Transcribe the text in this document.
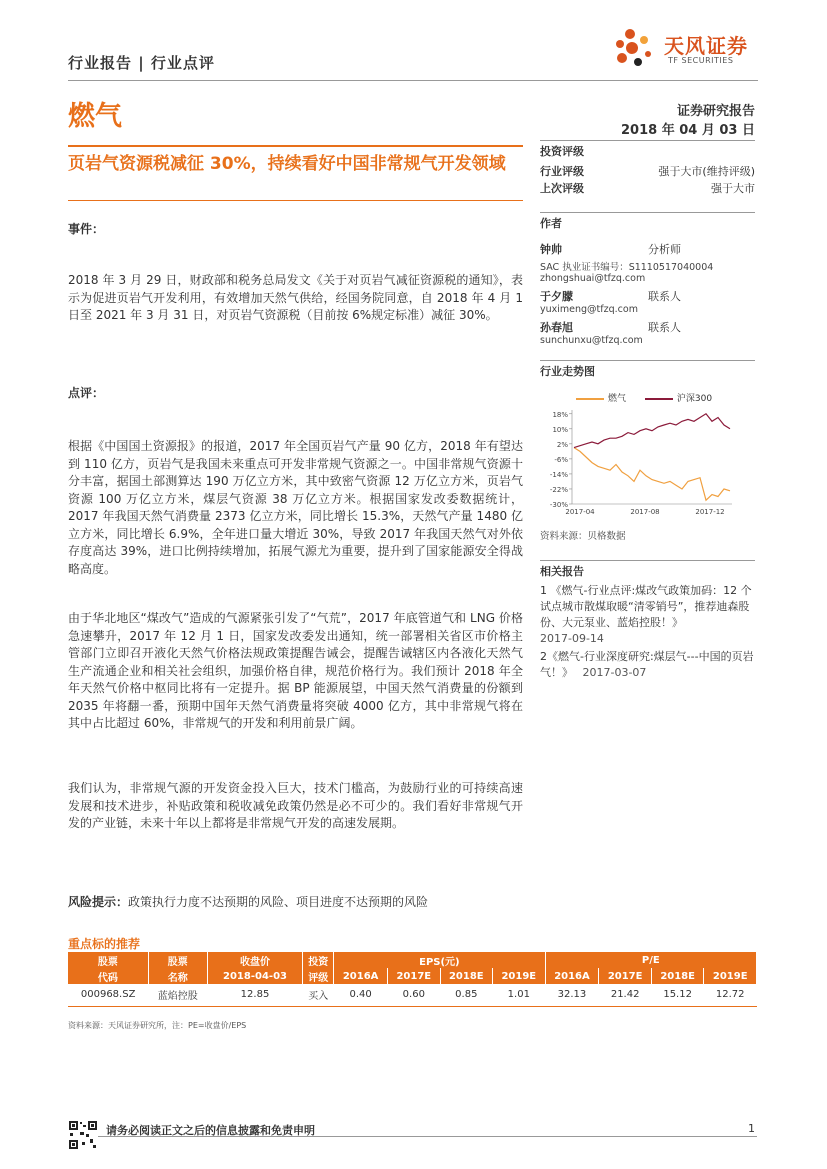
行业报告 | 行业点评
天风证券
TF SECURITIES
燃气	证券研究报告
2018 年 04 月 03 日
页岩气资源税减征 30%，持续看好中国非常规气开发领域
事件：
2018 年 3 月 29 日，财政部和税务总局发文《关于对页岩气减征资源税的通知》，表示为促进页岩气开发利用，有效增加天然气供给，经国务院同意，自 2018 年 4 月 1 日至 2021 年 3 月 31 日，对页岩气资源税（目前按 6%规定标准）减征 30%。
点评：
根据《中国国土资源报》的报道，2017 年全国页岩气产量 90 亿方，2018 年有望达到 110 亿方，页岩气是我国未来重点可开发非常规气资源之一。中国非常规气资源十分丰富，据国土部测算达 190 万亿立方米，其中致密气资源 12 万亿立方米，页岩气资源 100 万亿立方米，煤层气资源 38 万亿立方米。根据国家发改委数据统计，2017 年我国天然气消费量 2373 亿立方米，同比增长 15.3%，天然气产量 1480 亿立方米，同比增长 6.9%，全年进口量大增近 30%，导致 2017 年我国天然气对外依存度高达 39%，进口比例持续增加，拓展气源尤为重要，提升到了国家能源安全得战略高度。
由于华北地区“煤改气”造成的气源紧张引发了“气荒”，2017 年底管道气和 LNG 价格急速攀升，2017 年 12 月 1 日，国家发改委发出通知，统一部署相关省区市价格主管部门立即召开液化天然气价格法规政策提醒告诫会，提醒告诫辖区内各液化天然气生产流通企业和相关社会组织，加强价格自律，规范价格行为。我们预计 2018 年全年天然气价格中枢同比将有一定提升。据 BP 能源展望，中国天然气消费量的份额到 2035 年将翻一番，预期中国年天然气消费量将突破 4000 亿方，其中非常规气将在其中占比超过 60%，非常规气的开发和利用前景广阔。
我们认为，非常规气源的开发资金投入巨大，技术门槛高，为鼓励行业的可持续高速发展和技术进步，补贴政策和税收减免政策仍然是必不可少的。我们看好非常规气开发的产业链，未来十年以上都将是非常规气开发的高速发展期。
风险提示：政策执行力度不达预期的风险、项目进度不达预期的风险
投资评级
行业评级	强于大市(维持评级)
上次评级	强于大市
作者
钟帅	分析师
SAC 执业证书编号：S1110517040004
zhongshuai@tfzq.com
于夕朦	联系人
yuximeng@tfzq.com
孙春旭	联系人
sunchunxu@tfzq.com
行业走势图
燃气	沪深300
18%
10%
2%
-6%
-14%
-22%
-30%
2017-04	2017-08	2017-12
资料来源：贝格数据
相关报告
1 《燃气-行业点评:煤改气政策加码：12 个试点城市散煤取暖“清零销号”，推荐迪森股份、大元泵业、蓝焰控股！》
2017-09-14
2《燃气-行业深度研究:煤层气---中国的页岩气！》 2017-03-07
重点标的推荐
股票	股票	收盘价	投资	EPS(元)				P/E			
代码	名称	2018-04-03	评级	2016A	2017E	2018E	2019E	2016A	2017E	2018E	2019E
000968.SZ	蓝焰控股	12.85	买入	0.40	0.60	0.85	1.01	32.13	21.42	15.12	12.72
资料来源：天风证券研究所，注：PE=收盘价/EPS
请务必阅读正文之后的信息披露和免责申明	1
